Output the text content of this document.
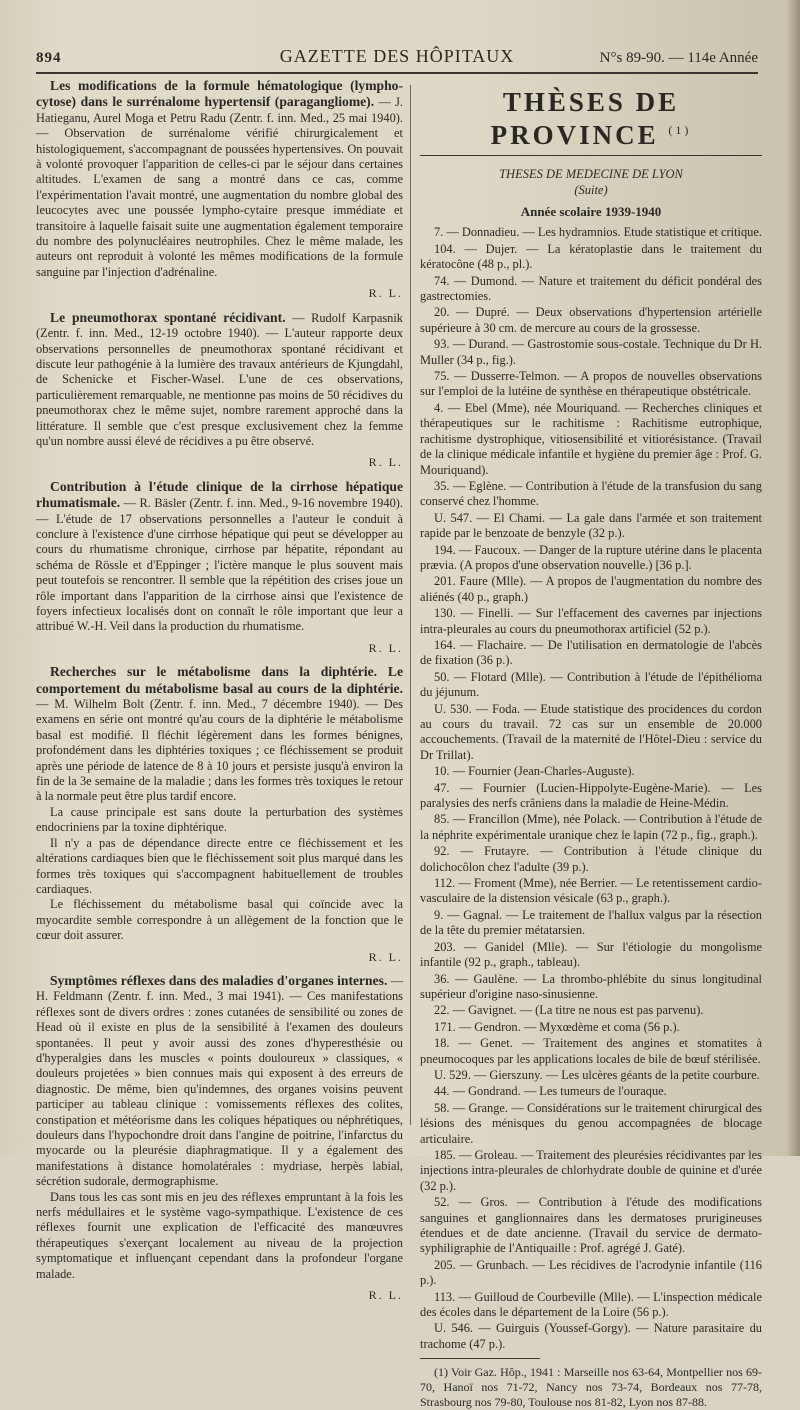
894	GAZETTE DES HÔPITAUX	N°s 89-90. — 114e Année
Les modifications de la formule hématologique (lympho-cytose) dans le surrénalome hypertensif (paragangliome). — J. Hatieganu, Aurel Moga et Petru Radu (Zentr. f. inn. Med., 25 mai 1940). — Observation de surrénalome vérifié chirurgicalement et histologiquement, s'accompagnant de poussées hypertensives. On pouvait à volonté provoquer l'apparition de celles-ci par le séjour dans certaines altitudes. L'examen de sang a montré dans ce cas, comme l'expérimentation l'avait montré, une augmentation du nombre global des leucocytes avec une poussée lympho-cytaire presque immédiate et transitoire à laquelle faisait suite une augmentation également temporaire du nombre des polynucléaires neutrophiles. Chez le même malade, les auteurs ont reproduit à volonté les mêmes modifications de la formule sanguine par l'injection d'adrénaline.
R. L.
Le pneumothorax spontané récidivant. — Rudolf Karpasnik (Zentr. f. inn. Med., 12-19 octobre 1940). — L'auteur rapporte deux observations personnelles de pneumothorax spontané récidivant et discute leur pathogénie à la lumière des travaux antérieurs de Kjungdahl, de Schenicke et Fischer-Wasel. L'une de ces observations, particulièrement remarquable, ne mentionne pas moins de 50 récidives du pneumothorax chez le même sujet, nombre rarement approché dans la littérature. Il semble que c'est presque exclusivement chez la femme qu'un nombre aussi élevé de récidives a pu être observé.
R. L.
Contribution à l'étude clinique de la cirrhose hépatique rhumatismale. — R. Bäsler (Zentr. f. inn. Med., 9-16 novembre 1940). — L'étude de 17 observations personnelles a l'auteur le conduit à conclure à l'existence d'une cirrhose hépatique qui peut se développer au cours du rhumatisme chronique, cirrhose par hépatite, répondant au schéma de Rössle et d'Eppinger ; l'ictère manque le plus souvent mais peut toutefois se rencontrer. Il semble que la répétition des crises joue un rôle important dans l'apparition de la cirrhose ainsi que l'existence de foyers infectieux localisés dont on connaît le rôle important que leur a attribué W.-H. Veil dans la production du rhumatisme.
R. L.
Recherches sur le métabolisme dans la diphtérie. Le comportement du métabolisme basal au cours de la diphtérie. — M. Wilhelm Bolt (Zentr. f. inn. Med., 7 décembre 1940). — Des examens en série ont montré qu'au cours de la diphtérie le métabolisme basal est modifié. Il fléchit légèrement dans les formes bénignes, profondément dans les diphtéries toxiques ; ce fléchissement se produit après une période de latence de 8 à 10 jours et persiste jusqu'à environ la fin de la 3e semaine de la maladie ; dans les formes très toxiques le retour à la normale peut être plus tardif encore.

La cause principale est sans doute la perturbation des systèmes endocriniens par la toxine diphtérique.

Il n'y a pas de dépendance directe entre ce fléchissement et les altérations cardiaques bien que le fléchissement soit plus marqué dans les formes très toxiques qui s'accompagnent habituellement de troubles cardiaques.

Le fléchissement du métabolisme basal qui coïncide avec la myocardite semble correspondre à un allègement de la fonction que le cœur doit assurer.

R. L.
Symptômes réflexes dans des maladies d'organes internes. — H. Feldmann (Zentr. f. inn. Med., 3 mai 1941). — Ces manifestations réflexes sont de divers ordres : zones cutanées de sensibilité ou zones de Head où il existe en plus de la sensibilité à l'examen des douleurs spontanées. Il peut y avoir aussi des zones d'hyperesthésie ou d'hyperalgies dans les muscles « points douloureux » classiques, « douleurs projetées » bien connues mais qui exposent à des erreurs de diagnostic. De même, bien qu'indemnes, des organes voisins peuvent participer au tableau clinique : vomissements réflexes des colites, constipation et météorisme dans les coliques hépatiques ou néphrétiques, douleurs dans l'hypochondre droit dans l'angine de poitrine, l'infarctus du myocarde ou la pleurésie diaphragmatique. Il y a également des manifestations à distance homolatérales : mydriase, herpès labial, sécrétion sudorale, dermographisme.

Dans tous les cas sont mis en jeu des réflexes empruntant à la fois les nerfs médullaires et le système vago-sympathique. L'existence de ces réflexes fournit une explication de l'efficacité des manœuvres thérapeutiques s'exerçant localement au niveau de la projection symptomatique et influençant cependant dans la profondeur l'organe malade.

R. L.
THÈSES DE PROVINCE $^{(1)}$
THESES DE MEDECINE DE LYON
(Suite)
Année scolaire 1939-1940

7. — Donnadieu. — Les hydramnios. Etude statistique et critique.

104. — Dujет. — La kératoplastie dans le traitement du kératocône (48 p., pl.).

74. — Dumond. — Nature et traitement du déficit pondéral des gastrectomies.

20. — Dupré. — Deux observations d'hypertension artérielle supérieure à 30 cm. de mercure au cours de la grossesse.

93. — Durand. — Gastrostomie sous-costale. Technique du Dr H. Muller (34 p., fig.).

75. — Dusserre-Telmon. — A propos de nouvelles observations sur l'emploi de la lutéine de synthèse en thérapeutique obstétricale.

4. — Ebel (Mme), née Mouriquand. — Recherches cliniques et thérapeutiques sur le rachitisme : Rachitisme eutrophique, rachitisme dystrophique, vitiosensibilité et vitiorésistance. (Travail de la clinique médicale infantile et hygiène du premier âge : Prof. G. Mouriquand).

35. — Eglène. — Contribution à l'étude de la transfusion du sang conservé chez l'homme.

U. 547. — El Chami. — La gale dans l'armée et son traitement rapide par le benzoate de benzyle (32 p.).

194. — Faucoux. — Danger de la rupture utérine dans le placenta prævia. (A propos d'une observation nouvelle.) [36 p.].

201. Faure (Mlle). — A propos de l'augmentation du nombre des aliénés (40 p., graph.)

130. — Finelli. — Sur l'effacement des cavernes par injections intra-pleurales au cours du pneumothorax artificiel (52 p.).

164. — Flachaire. — De l'utilisation en dermatologie de l'abcès de fixation (36 p.).

50. — Flotard (Mlle). — Contribution à l'étude de l'épithélioma du jéjunum.

U. 530. — Foda. — Etude statistique des procidences du cordon au cours du travail. 72 cas sur un ensemble de 20.000 accouchements. (Travail de la maternité de l'Hôtel-Dieu : service du Dr Trillat).

10. — Fournier (Jean-Charles-Auguste).

47. — Fournier (Lucien-Hippolyte-Eugène-Marie). — Les paralysies des nerfs crâniens dans la maladie de Heine-Médin.

85. — Francillon (Mme), née Polack. — Contribution à l'étude de la néphrite expérimentale uranique chez le lapin (72 p., fig., graph.).

92. — Frutayre. — Contribution à l'étude clinique du dolichocôlon chez l'adulte (39 p.).

112. — Froment (Mme), née Berrier. — Le retentissement cardio-vasculaire de la distension vésicale (63 p., graph.).

9. — Gagnal. — Le traitement de l'hallux valgus par la résection de la tête du premier métatarsien.

203. — Ganidel (Mlle). — Sur l'étiologie du mongolisme infantile (92 p., graph., tableau).

36. — Gaulène. — La thrombo-phlébite du sinus longitudinal supérieur d'origine naso-sinusienne.

22. — Gavignet. — (La titre ne nous est pas parvenu).

171. — Gendron. — Myxœdème et coma (56 p.).

18. — Genet. — Traitement des angines et stomatites à pneumocoques par les applications locales de bile de bœuf stérilisée.

U. 529. — Gierszuny. — Les ulcères géants de la petite courbure.

44. — Gondrand. — Les tumeurs de l'ouraque.

58. — Grange. — Considérations sur le traitement chirurgical des lésions des ménisques du genou accompagnées de blocage articulaire.

185. — Groleau. — Traitement des pleurésies récidivantes par les injections intra-pleurales de chlorhydrate double de quinine et d'urée (32 p.).

52. — Gros. — Contribution à l'étude des modifications sanguines et ganglionnaires dans les dermatoses prurigineuses étendues et de date ancienne. (Travail du service de dermato-syphiligraphie de l'Antiquaille : Prof. agrégé J. Gaté).

205. — Grunbach. — Les récidives de l'acrodynie infantile (116 p.).

113. — Guilloud de Courbeville (Mlle). — L'inspection médicale des écoles dans le département de la Loire (56 p.).

U. 546. — Guirguis (Youssef-Gorgy). — Nature parasitaire du trachome (47 p.).

(1) Voir Gaz. Hôp., 1941 : Marseille nos 63-64, Montpellier nos 69-70, Hanoï nos 71-72, Nancy nos 73-74, Bordeaux nos 77-78, Strasbourg nos 79-80, Toulouse nos 81-82, Lyon nos 87-88.
